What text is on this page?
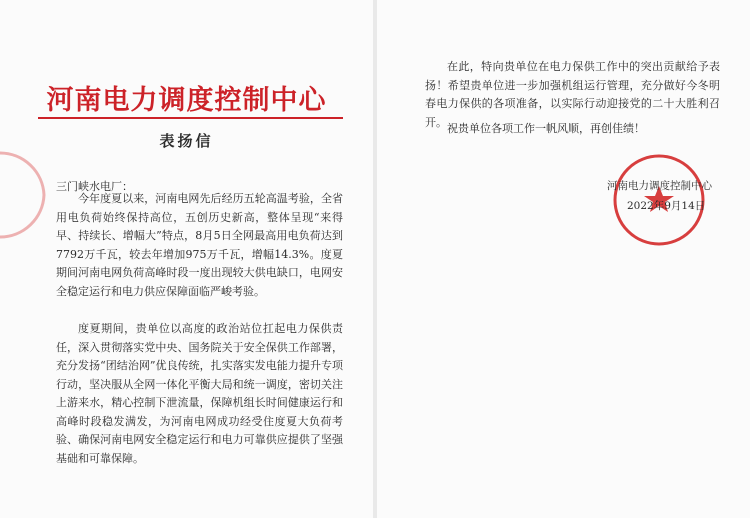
河南电力调度控制中心
表扬信
三门峡水电厂：

今年度夏以来，河南电网先后经历五轮高温考验，全省用电负荷始终保持高位，五创历史新高，整体呈现“来得早、持续长、增幅大”特点，8月5日全网最高用电负荷达到7792万千瓦，较去年增加975万千瓦，增幅14.3%。度夏期间河南电网负荷高峰时段一度出现较大供电缺口，电网安全稳定运行和电力供应保障面临严峻考验。

度夏期间，贵单位以高度的政治站位扛起电力保供责任，深入贯彻落实党中央、国务院关于安全保供工作部署，充分发扬“团结治网”优良传统，扎实落实发电能力提升专项行动，坚决服从全网一体化平衡大局和统一调度，密切关注上游来水，精心控制下泄流量，保障机组长时间健康运行和高峰时段稳发满发，为河南电网成功经受住度夏大负荷考验、确保河南电网安全稳定运行和电力可靠供应提供了坚强基础和可靠保障。

在此，特向贵单位在电力保供工作中的突出贡献给予表扬！希望贵单位进一步加强机组运行管理，充分做好今冬明春电力保供的各项准备，以实际行动迎接党的二十大胜利召开。 祝贵单位各项工作一帆风顺，再创佳绩！

河南电力调度控制中心
2022年9月14日
